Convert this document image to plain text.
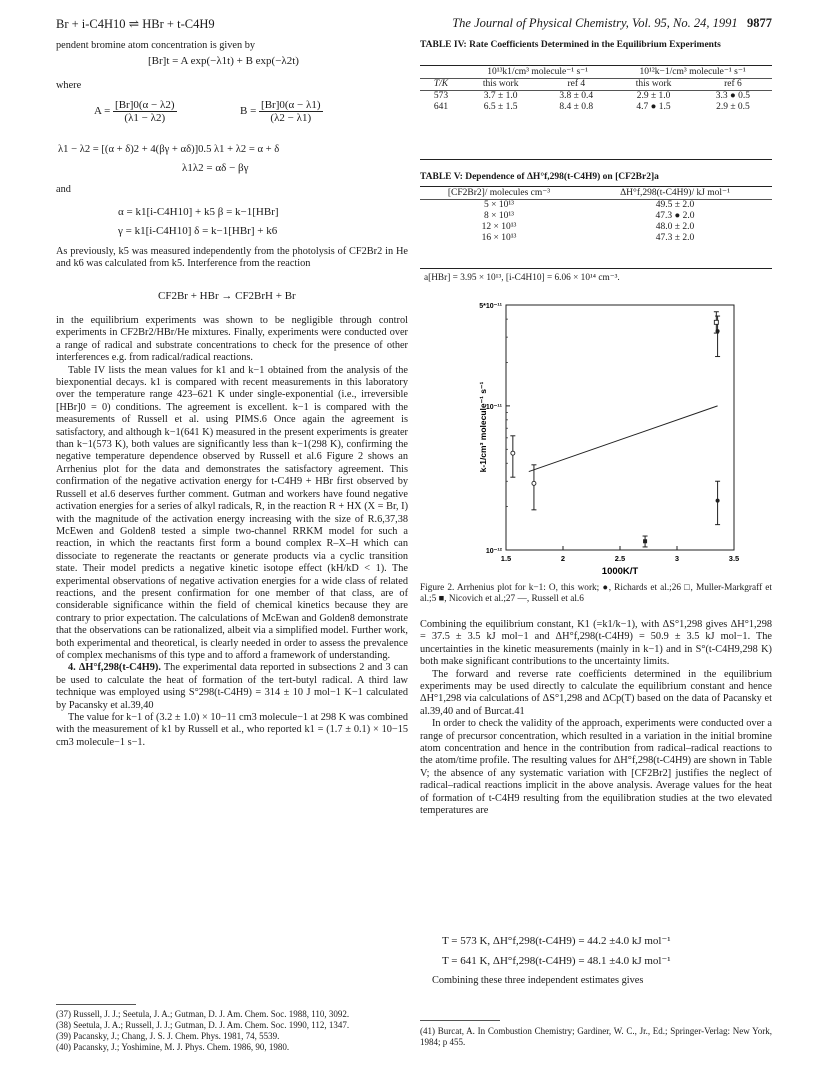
Br + i-C4H10 ⇌ HBr + t-C4H9	The Journal of Physical Chemistry, Vol. 95, No. 24, 1991 9877

pendent bromine atom concentration is given by

[Br]t = A exp(−λ1t) + B exp(−λ2t)
where
$A = \frac{[Br]0(\alpha - \lambda 2)}{(\lambda 1 - \lambda 2)}$	$B = \frac{[Br]0(\alpha - \lambda 1)}{(\lambda 2 - \lambda 1)}$
λ1 − λ2 = [(α + δ)2 + 4(βγ + αδ)]0.5 λ1 + λ2 = α + δ
λ1λ2 = αδ − βγ
and
α = k1[i-C4H10] + k5 β = k−1[HBr]
γ = k1[i-C4H10] δ = k−1[HBr] + k6

As previously, k5 was measured independently from the photolysis of CF2Br2 in He and k6 was calculated from k5. Interference from the reaction

CF2Br + HBr → CF2BrH + Br

in the equilibrium experiments was shown to be negligible through control experiments in CF2Br2/HBr/He mixtures. Finally, experiments were conducted over a range of radical and substrate concentrations to check for the presence of other interferences e.g. from radical/radical reactions.

Table IV lists the mean values for k1 and k−1 obtained from the analysis of the biexponential decays. k1 is compared with recent measurements in this laboratory over the temperature range 423–621 K under single-exponential (i.e., irreversible [HBr]0 = 0) conditions. The agreement is excellent. k−1 is compared with the measurements of Russell et al. using PIMS.6 Once again the agreement is satisfactory, and although k−1(641 K) measured in the present experiments is greater than k−1(573 K), both values are significantly less than k−1(298 K), confirming the negative temperature dependence observed by Russell et al.6 Figure 2 shows an Arrhenius plot for the data and demonstrates the satisfactory agreement. This confirmation of the negative activation energy for t-C4H9 + HBr first observed by Russell et al.6 deserves further comment. Gutman and workers have found negative activation energies for a series of alkyl radicals, R, in the reaction R + HX (X = Br, I) with the magnitude of the activation energy increasing with the size of R.6,37,38 McEwen and Golden8 tested a simple two-channel RRKM model for such a reaction, in which the reactants first form a bound complex R–X–H which can dissociate to regenerate the reactants or generate products via a cyclic transition state. Their model predicts a negative kinetic isotope effect (kH/kD < 1). The experimental observations of negative activation energies for a wide class of related reactions, and the present confirmation for one member of that class, are of considerable significance within the field of chemical kinetics because they are contrary to prior expectation. The calculations of McEwan and Golden8 demonstrate that the observations can be rationalized, albeit via a simplified model. Further work, both experimental and theoretical, is clearly needed in order to assess the prevalence of complex mechanisms of this type and to afford a framework of understanding.

4. ΔH°f,298(t-C4H9). The experimental data reported in subsections 2 and 3 can be used to calculate the heat of formation of the tert-butyl radical. A third law technique was employed using S°298(t-C4H9) = 314 ± 10 J mol−1 K−1 calculated by Pacansky et al.39,40

The value for k−1 of (3.2 ± 1.0) × 10−11 cm3 molecule−1 at 298 K was combined with the measurement of k1 by Russell et al., who reported k1 = (1.7 ± 0.1) × 10−15 cm3 molecule−1 s−1.

(37) Russell, J. J.; Seetula, J. A.; Gutman, D. J. Am. Chem. Soc. 1988, 110, 3092.

(38) Seetula, J. A.; Russell, J. J.; Gutman, D. J. Am. Chem. Soc. 1990, 112, 1347.

(39) Pacansky, J.; Chang, J. S. J. Chem. Phys. 1981, 74, 5539.

(40) Pacansky, J.; Yoshimine, M. J. Phys. Chem. 1986, 90, 1980.

TABLE IV: Rate Coefficients Determined in the Equilibrium Experiments
	10¹³k1/cm³ molecule⁻¹ s⁻¹		10¹²k−1/cm³ molecule⁻¹ s⁻¹	
T/K	this work	ref 4	this work	ref 6
573	3.7 ± 1.0	3.8 ± 0.4	2.9 ± 1.0	3.3 ● 0.5
641	6.5 ± 1.5	8.4 ± 0.8	4.7 ● 1.5	2.9 ± 0.5
TABLE V: Dependence of ΔH°f,298(t-C4H9) on [CF2Br2]a
[CF2Br2]/ molecules cm⁻³	ΔH°f,298(t-C4H9)/ kJ mol⁻¹
5 × 10¹³	49.5 ± 2.0
8 × 10¹³	47.3 ● 2.0
12 × 10¹³	48.0 ± 2.0
16 × 10¹³	47.3 ± 2.0
a[HBr] = 3.95 × 10¹³, [i-C4H10] = 6.06 × 10¹⁴ cm⁻³.
1.5	2	2.5	3	3.5
10⁻¹²
10⁻¹¹
5*10⁻¹¹
1000K/T
k-1/cm³ molecule⁻¹ s⁻¹
Figure 2. Arrhenius plot for k−1: O, this work; ●, Richards et al.;26 □, Muller-Markgraff et al.;5 ■, Nicovich et al.;27 —, Russell et al.6

Combining the equilibrium constant, K1 (=k1/k−1), with ΔS°1,298 gives ΔH°1,298 = 37.5 ± 3.5 kJ mol−1 and ΔH°f,298(t-C4H9) = 50.9 ± 3.5 kJ mol−1. The uncertainties in the kinetic measurements (mainly in k−1) and in S°(t-C4H9,298 K) both make significant contributions to the uncertainty limits.

The forward and reverse rate coefficients determined in the equilibrium experiments may be used directly to calculate the equilibrium constant and hence ΔH°1,298 via calculations of ΔS°1,298 and ΔCp(T) based on the data of Pacansky et al.39,40 and of Burcat.41

In order to check the validity of the approach, experiments were conducted over a range of precursor concentration, which resulted in a variation in the initial bromine atom concentration and hence in the contribution from radical–radical reactions to the atom/time profile. The resulting values for ΔH°f,298(t-C4H9) are shown in Table V; the absence of any systematic variation with [CF2Br2] justifies the neglect of radical–radical reactions implicit in the above analysis. Average values for the heat of formation of t-C4H9 resulting from the equilibration studies at the two elevated temperatures are

T = 573 K, ΔH°f,298(t-C4H9) = 44.2 ±4.0 kJ mol⁻¹
T = 641 K, ΔH°f,298(t-C4H9) = 48.1 ±4.0 kJ mol⁻¹
Combining these three independent estimates gives
(41) Burcat, A. In Combustion Chemistry; Gardiner, W. C., Jr., Ed.; Springer-Verlag: New York, 1984; p 455.
